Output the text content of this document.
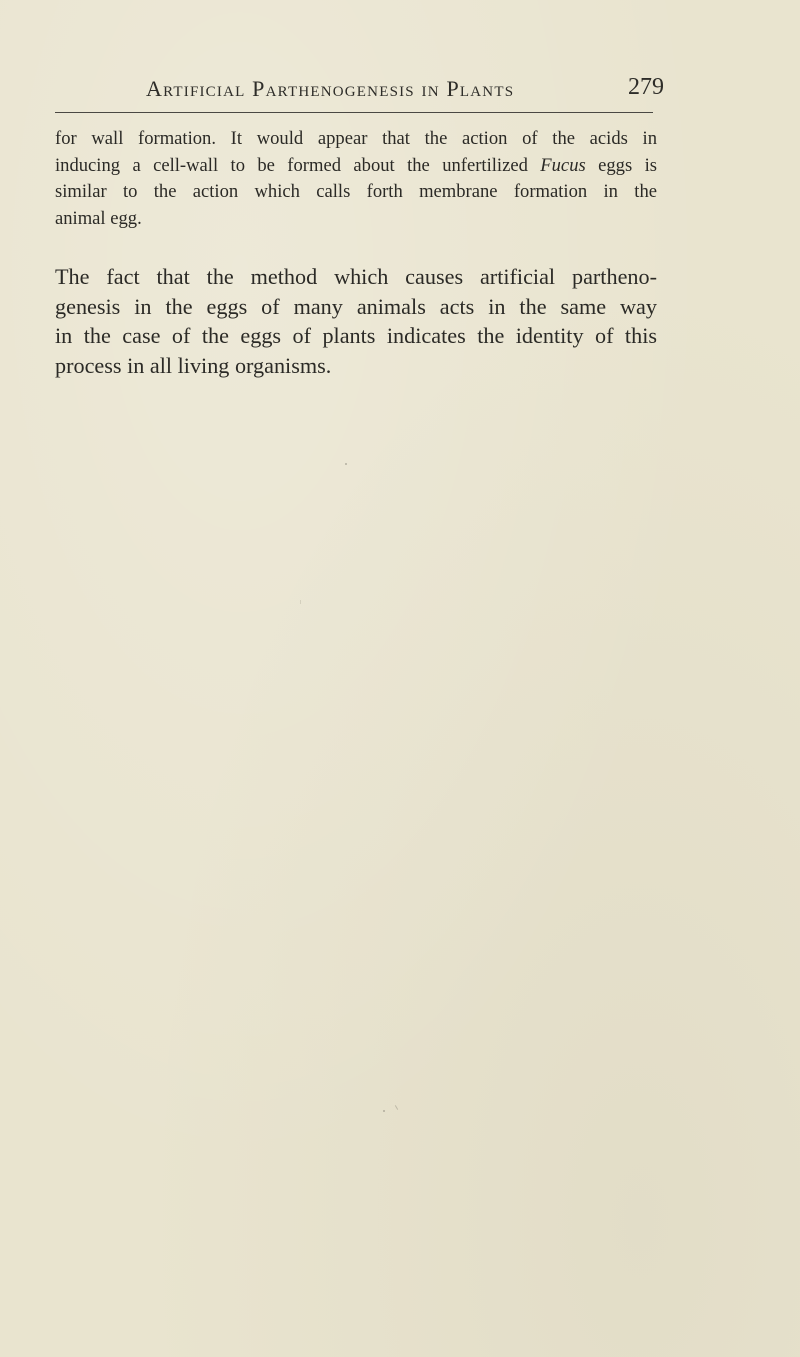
Artificial Parthenogenesis in Plants	279
for wall formation. It would appear that the action of the acids in
inducing a cell-wall to be formed about the unfertilized Fucus eggs is
similar to the action which calls forth membrane formation in the
animal egg.
The fact that the method which causes artificial partheno-
genesis in the eggs of many animals acts in the same way
in the case of the eggs of plants indicates the identity of this
process in all living organisms.
